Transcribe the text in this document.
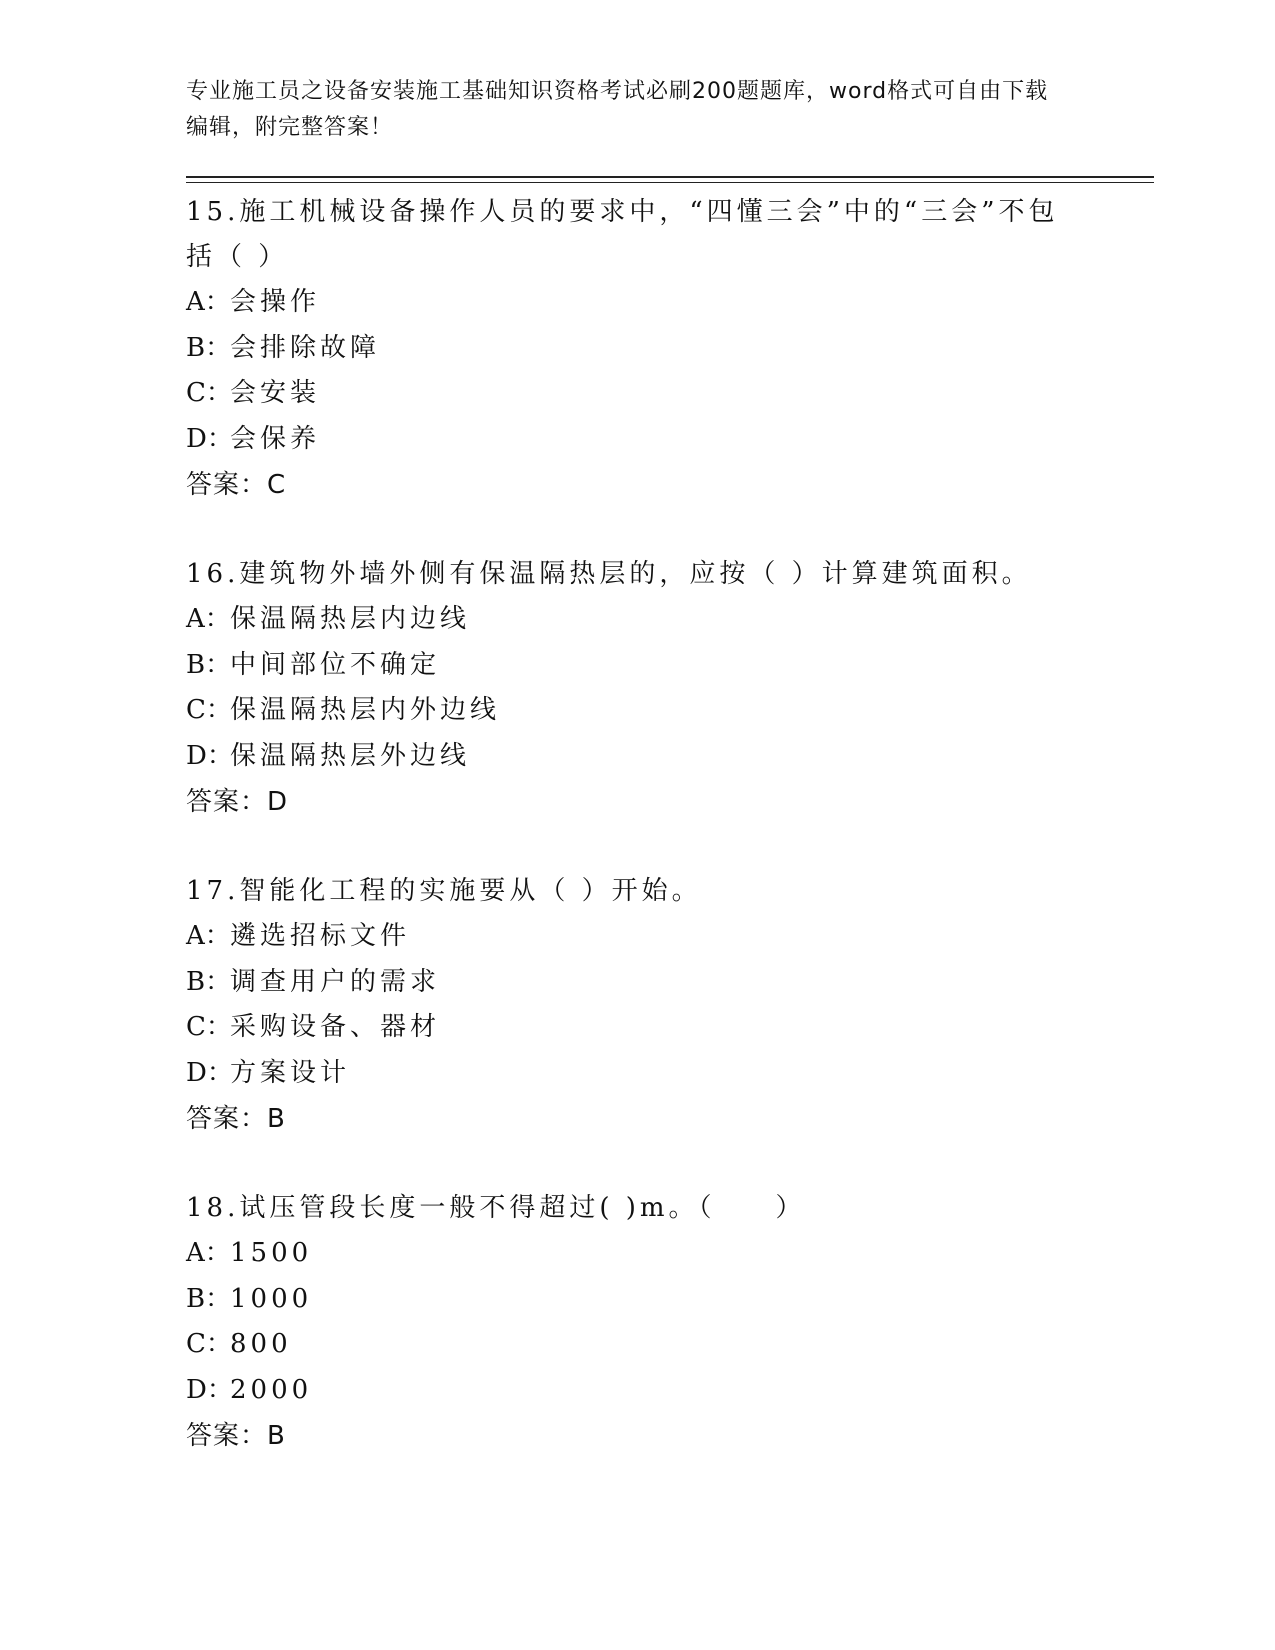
专业施工员之设备安装施工基础知识资格考试必刷200题题库，word格式可自由下载编辑，附完整答案！

15.施工机械设备操作人员的要求中，“四懂三会”中的“三会”不包括（ ）

A：会操作

B：会排除故障

C：会安装

D：会保养

答案：C

16.建筑物外墙外侧有保温隔热层的，应按（ ）计算建筑面积。

A：保温隔热层内边线

B：中间部位不确定

C：保温隔热层内外边线

D：保温隔热层外边线

答案：D

17.智能化工程的实施要从（ ）开始。

A：遴选招标文件

B：调查用户的需求

C：采购设备、器材

D：方案设计

答案：B

18.试压管段长度一般不得超过( )m。（　　）

A：1500

B：1000

C：800

D：2000

答案：B
